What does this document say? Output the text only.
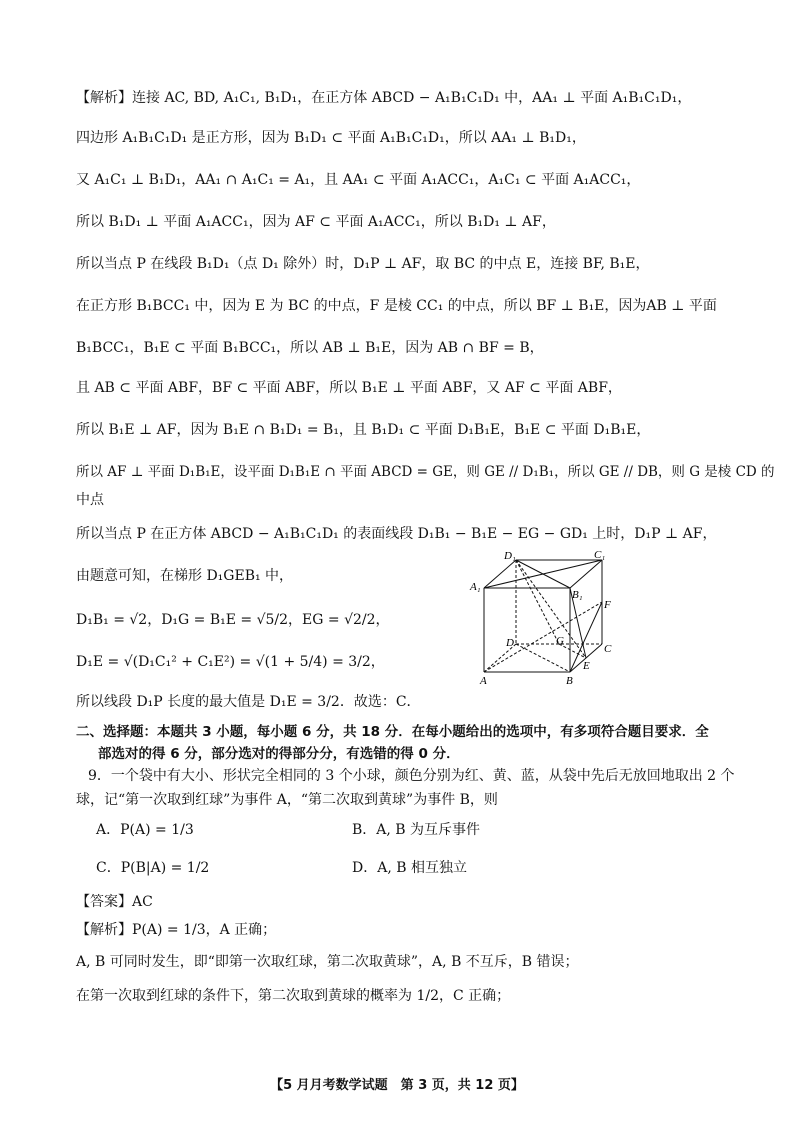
【解析】连接 AC, BD, A₁C₁, B₁D₁，在正方体 ABCD − A₁B₁C₁D₁ 中，AA₁ ⊥ 平面 A₁B₁C₁D₁，
四边形 A₁B₁C₁D₁ 是正方形，因为 B₁D₁ ⊂ 平面 A₁B₁C₁D₁，所以 AA₁ ⊥ B₁D₁，
又 A₁C₁ ⊥ B₁D₁，AA₁ ∩ A₁C₁ = A₁，且 AA₁ ⊂ 平面 A₁ACC₁，A₁C₁ ⊂ 平面 A₁ACC₁，
所以 B₁D₁ ⊥ 平面 A₁ACC₁，因为 AF ⊂ 平面 A₁ACC₁，所以 B₁D₁ ⊥ AF，
所以当点 P 在线段 B₁D₁（点 D₁ 除外）时，D₁P ⊥ AF，取 BC 的中点 E，连接 BF, B₁E，
在正方形 B₁BCC₁ 中，因为 E 为 BC 的中点，F 是棱 CC₁ 的中点，所以 BF ⊥ B₁E，因为AB ⊥ 平面
B₁BCC₁，B₁E ⊂ 平面 B₁BCC₁，所以 AB ⊥ B₁E，因为 AB ∩ BF = B，
且 AB ⊂ 平面 ABF，BF ⊂ 平面 ABF，所以 B₁E ⊥ 平面 ABF，又 AF ⊂ 平面 ABF，
所以 B₁E ⊥ AF，因为 B₁E ∩ B₁D₁ = B₁，且 B₁D₁ ⊂ 平面 D₁B₁E，B₁E ⊂ 平面 D₁B₁E，
所以 AF ⊥ 平面 D₁B₁E，设平面 D₁B₁E ∩ 平面 ABCD = GE，则 GE // D₁B₁，所以 GE // DB，则 G 是棱 CD 的
中点
所以当点 P 在正方体 ABCD − A₁B₁C₁D₁ 的表面线段 D₁B₁ − B₁E − EG − GD₁ 上时，D₁P ⊥ AF，
由题意可知，在梯形 D₁GEB₁ 中，
D₁B₁ = √2，D₁G = B₁E = √5/2，EG = √2/2，
D₁E = √(D₁C₁² + C₁E²) = √(1 + 5/4) = 3/2，
所以线段 D₁P 长度的最大值是 D₁E = 3/2．故选：C．
D₁	C₁
A₁
B₁
F
D	G
C
E
A	B
二、选择题：本题共 3 小题，每小题 6 分，共 18 分．在每小题给出的选项中，有多项符合题目要求．全
部选对的得 6 分，部分选对的得部分分，有选错的得 0 分．
9．一个袋中有大小、形状完全相同的 3 个小球，颜色分别为红、黄、蓝，从袋中先后无放回地取出 2 个
球，记“第一次取到红球”为事件 A，“第二次取到黄球”为事件 B，则
A．P(A) = 1/3	B．A, B 为互斥事件
C．P(B|A) = 1/2	D．A, B 相互独立
【答案】AC
【解析】P(A) = 1/3，A 正确；
A, B 可同时发生，即“即第一次取红球，第二次取黄球”，A, B 不互斥，B 错误；
在第一次取到红球的条件下，第二次取到黄球的概率为 1/2，C 正确；
【5 月月考数学试题　第 3 页，共 12 页】
